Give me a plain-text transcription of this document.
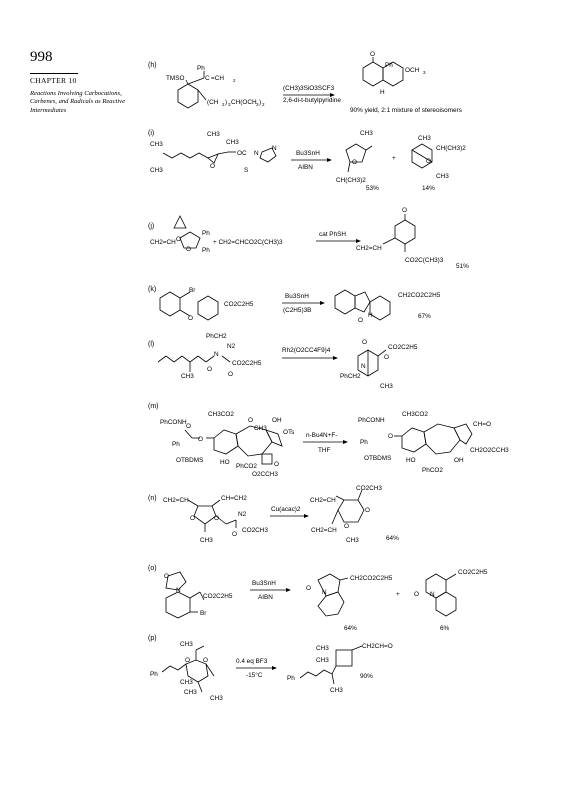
998

CHAPTER 10

Reactions Involving Carbocations, Carbenes, and Radicals as Reactive Intermediates

(h)	Ph
TMSO	C =CH 2
(CH 2 ) 3 CH(OCH 3 ) 2
(CH3)3SiO3SCF3
2,6-di-t-butylpyridine
O
Ph
OCH 3
H
90% yield, 2:1 mixture of stereoisomers
(i)
CH3
CH3
CH3
CH3
O
OC N
N
S
Bu3SnH
AIBN
CH3
O
CH(CH3)2
53%
+
CH3
CH(CH3)2
O
CH3
14%
(j)
CH2=CH O
O
Ph
Ph
+ CH2=CHCO2C(CH3)3
cat PhSH
O
CH2=CH
CO2C(CH3)3
51%
(k)	Br
O
CO2C2H5
Bu3SnH
(C2H5)3B
O
H
CH2CO2C2H5
67%
(l)
PhCH2
N2
N
O
CO2C2H5
CH3	O
Rh2(O2CC4F9)4
O
CO2C2H5
O
N
PhCH2
CH3
(m)
PhCONH
Ph
OTBDMS
CH3CO2
O
O
O
CH3
OH
OTs
HO
PhCO2
O2CCH3
O
n-Bu4N+F-
THF
PhCONH
Ph
OTBDMS
CH3CO2
O
CH=O
HO
PhCO2
OH
CH2O2CCH3
(n) CH2=CH	CH=CH2
O	O
N2
CH3
O
CO2CH3
Cu(acac)2
CH2=CH
CO2CH3
O
CH2=CH
O
CH3	64%
(o)
O
N
CO2C2H5
Br
Bu3SnH
AIBN
O
N
CH2CO2C2H5
64%
+ O N
CO2C2H5
6%
(p)
CH3
O O
Ph
CH3
CH3
CH3
0.4 eq BF3
-15°C
CH3	CH2CH=O
CH3
Ph
CH3
90%
